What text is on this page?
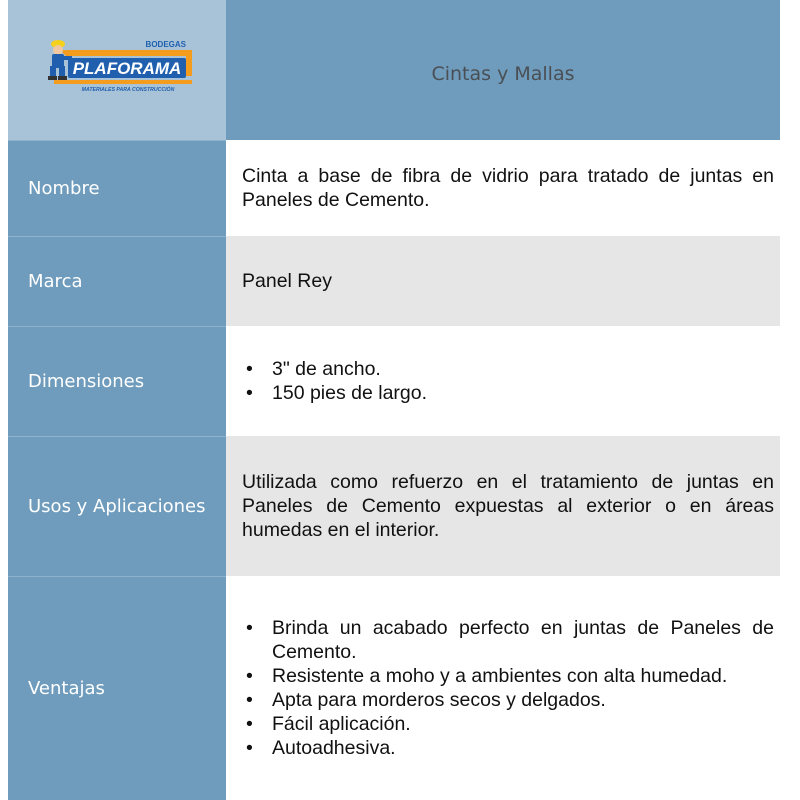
BODEGAS
PLAFORAMA
MATERIALES PARA CONSTRUCCIÓN
Cintas y Mallas
Nombre
Cinta a base de fibra de vidrio para tratado de juntas en Paneles de Cemento.
Marca	Panel Rey
Dimensiones
• 3" de ancho.
• 150 pies de largo.
Usos y Aplicaciones
Utilizada como refuerzo en el tratamiento de juntas en Paneles de Cemento expuestas al exterior o en áreas humedas en el interior.
Ventajas
• Brinda un acabado perfecto en juntas de Paneles de Cemento.
• Resistente a moho y a ambientes con alta humedad.
• Apta para morderos secos y delgados.
• Fácil aplicación.
• Autoadhesiva.
